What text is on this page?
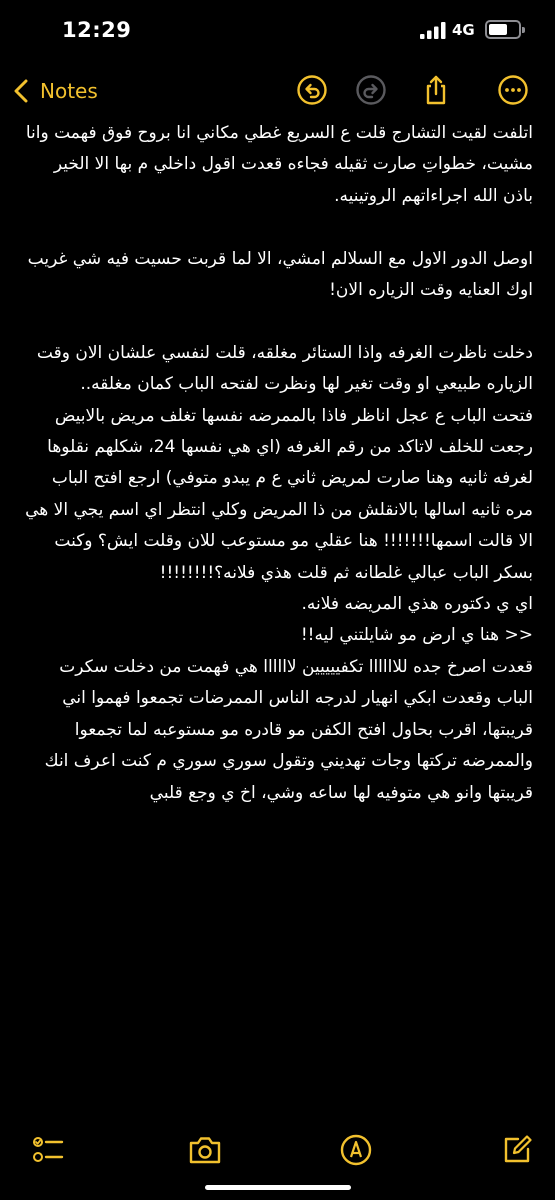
12:29	4G
Notes
اتلفت لقيت التشارج قلت ع السريع غطي مكاني انا بروح فوق فهمت وانا مشيت، خطواتِ صارت ثقيله فجاءه قعدت اقول داخلي م بها الا الخير باذن الله اجراءاتهم الروتينيه.
اوصل الدور الاول مع السلالم امشي، الا لما قربت حسيت فيه شي غريب اوك العنايه وقت الزياره الان!
دخلت ناظرت الغرفه واذا الستائر مغلقه، قلت لنفسي علشان الان وقت الزياره طبيعي او وقت تغير لها ونظرت لفتحه الباب كمان مغلقه..
فتحت الباب ع عجل اناظر فاذا بالممرضه نفسها تغلف مريض بالابيض رجعت للخلف لاتاكد من رقم الغرفه (اي هي نفسها 24، شكلهم نقلوها لغرفه ثانيه وهنا صارت لمريض ثاني ع م يبدو متوفي) ارجع افتح الباب مره ثانيه اسالها بالانقلش من ذا المريض وكلي انتظر اي اسم يجي الا هي الا قالت اسمها!!!!!!! هنا عقلي مو مستوعب للان وقلت ايش؟ وكنت بسكر الباب عبالي غلطانه ثم قلت هذي فلانه؟!!!!!!!!
اي ي دكتوره هذي المريضه فلانه.
<< هنا ي ارض مو شايلتني ليه!!
قعدت اصرخ جده للاااااا تكفييييين لاااااا هي فهمت من دخلت سكرت الباب وقعدت ابكي انهيار لدرجه الناس الممرضات تجمعوا فهموا اني قريبتها، اقرب بحاول افتح الكفن مو قادره مو مستوعبه لما تجمعوا والممرضه تركتها وجات تهديني وتقول سوري سوري م كنت اعرف انك قريبتها وانو هي متوفيه لها ساعه وشي، اخ ي وجع قلبي
